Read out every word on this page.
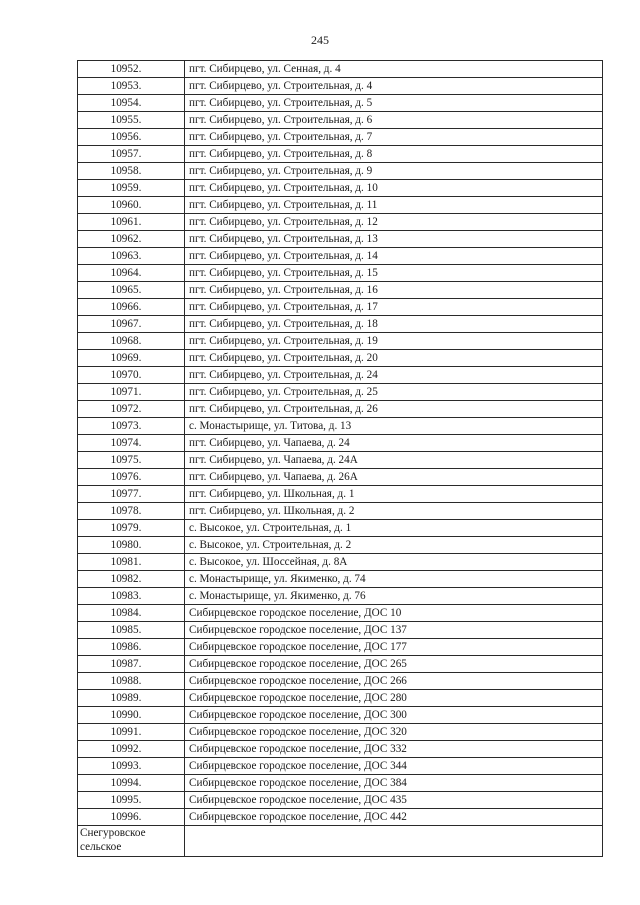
245
10952.	пгт. Сибирцево, ул. Сенная, д. 4
10953.	пгт. Сибирцево, ул. Строительная, д. 4
10954.	пгт. Сибирцево, ул. Строительная, д. 5
10955.	пгт. Сибирцево, ул. Строительная, д. 6
10956.	пгт. Сибирцево, ул. Строительная, д. 7
10957.	пгт. Сибирцево, ул. Строительная, д. 8
10958.	пгт. Сибирцево, ул. Строительная, д. 9
10959.	пгт. Сибирцево, ул. Строительная, д. 10
10960.	пгт. Сибирцево, ул. Строительная, д. 11
10961.	пгт. Сибирцево, ул. Строительная, д. 12
10962.	пгт. Сибирцево, ул. Строительная, д. 13
10963.	пгт. Сибирцево, ул. Строительная, д. 14
10964.	пгт. Сибирцево, ул. Строительная, д. 15
10965.	пгт. Сибирцево, ул. Строительная, д. 16
10966.	пгт. Сибирцево, ул. Строительная, д. 17
10967.	пгт. Сибирцево, ул. Строительная, д. 18
10968.	пгт. Сибирцево, ул. Строительная, д. 19
10969.	пгт. Сибирцево, ул. Строительная, д. 20
10970.	пгт. Сибирцево, ул. Строительная, д. 24
10971.	пгт. Сибирцево, ул. Строительная, д. 25
10972.	пгт. Сибирцево, ул. Строительная, д. 26
10973.	с. Монастырище, ул. Титова, д. 13
10974.	пгт. Сибирцево, ул. Чапаева, д. 24
10975.	пгт. Сибирцево, ул. Чапаева, д. 24А
10976.	пгт. Сибирцево, ул. Чапаева, д. 26А
10977.	пгт. Сибирцево, ул. Школьная, д. 1
10978.	пгт. Сибирцево, ул. Школьная, д. 2
10979.	с. Высокое, ул. Строительная, д. 1
10980.	с. Высокое, ул. Строительная, д. 2
10981.	с. Высокое, ул. Шоссейная, д. 8А
10982.	с. Монастырище, ул. Якименко, д. 74
10983.	с. Монастырище, ул. Якименко, д. 76
10984.	Сибирцевское городское поселение, ДОС 10
10985.	Сибирцевское городское поселение, ДОС 137
10986.	Сибирцевское городское поселение, ДОС 177
10987.	Сибирцевское городское поселение, ДОС 265
10988.	Сибирцевское городское поселение, ДОС 266
10989.	Сибирцевское городское поселение, ДОС 280
10990.	Сибирцевское городское поселение, ДОС 300
10991.	Сибирцевское городское поселение, ДОС 320
10992.	Сибирцевское городское поселение, ДОС 332
10993.	Сибирцевское городское поселение, ДОС 344
10994.	Сибирцевское городское поселение, ДОС 384
10995.	Сибирцевское городское поселение, ДОС 435
10996.	Сибирцевское городское поселение, ДОС 442
Снегуровское сельское	
